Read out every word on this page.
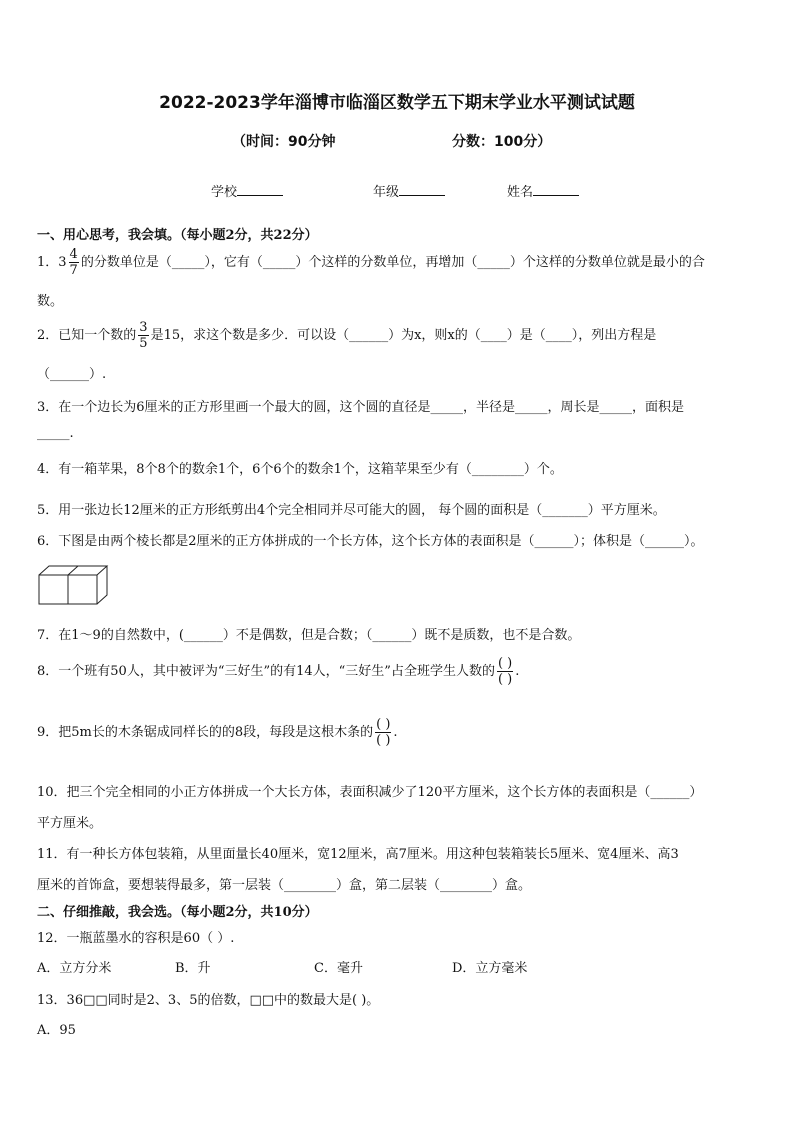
2022-2023学年淄博市临淄区数学五下期末学业水平测试试题
（时间：90分钟	分数：100分）
学校	年级	姓名
一、用心思考，我会填。（每小题2分，共22分）
1．$3 \frac{4}{7}$ 的分数单位是（_____），它有（_____）个这样的分数单位，再增加（_____）个这样的分数单位就是最小的合
数。
2．已知一个数的 $\frac{3}{5}$ 是15，求这个数是多少．可以设（______）为x，则x的（____）是（____），列出方程是
（______）.
3．在一个边长为6厘米的正方形里画一个最大的圆，这个圆的直径是_____，半径是_____，周长是_____，面积是
_____.
4．有一箱苹果，8个8个的数余1个，6个6个的数余1个，这箱苹果至少有（________）个。
5．用一张边长12厘米的正方形纸剪出4个完全相同并尽可能大的圆， 每个圆的面积是（_______）平方厘米。
6．下图是由两个棱长都是2厘米的正方体拼成的一个长方体，这个长方体的表面积是（______）；体积是（______）。
7．在1～9的自然数中，(______）不是偶数，但是合数；（______）既不是质数，也不是合数。
8．一个班有50人，其中被评为“三好生”的有14人，“三好生”占全班学生人数的 $\frac{( )}{( )}$ .
9．把5m长的木条锯成同样长的的8段，每段是这根木条的 $\frac{( )}{( )}$ .
10．把三个完全相同的小正方体拼成一个大长方体，表面积减少了120平方厘米，这个长方体的表面积是（______）
平方厘米。
11．有一种长方体包装箱，从里面量长40厘米，宽12厘米，高7厘米。用这种包装箱装长5厘米、宽4厘米、高3
厘米的首饰盒，要想装得最多，第一层装（________）盒，第二层装（________）盒。
二、仔细推敲，我会选。（每小题2分，共10分）
12．一瓶蓝墨水的容积是60（ ）.
A．立方分米	B．升	C．毫升	D．立方毫米
13．36□□同时是2、3、5的倍数，□□中的数最大是( )。
A．95
